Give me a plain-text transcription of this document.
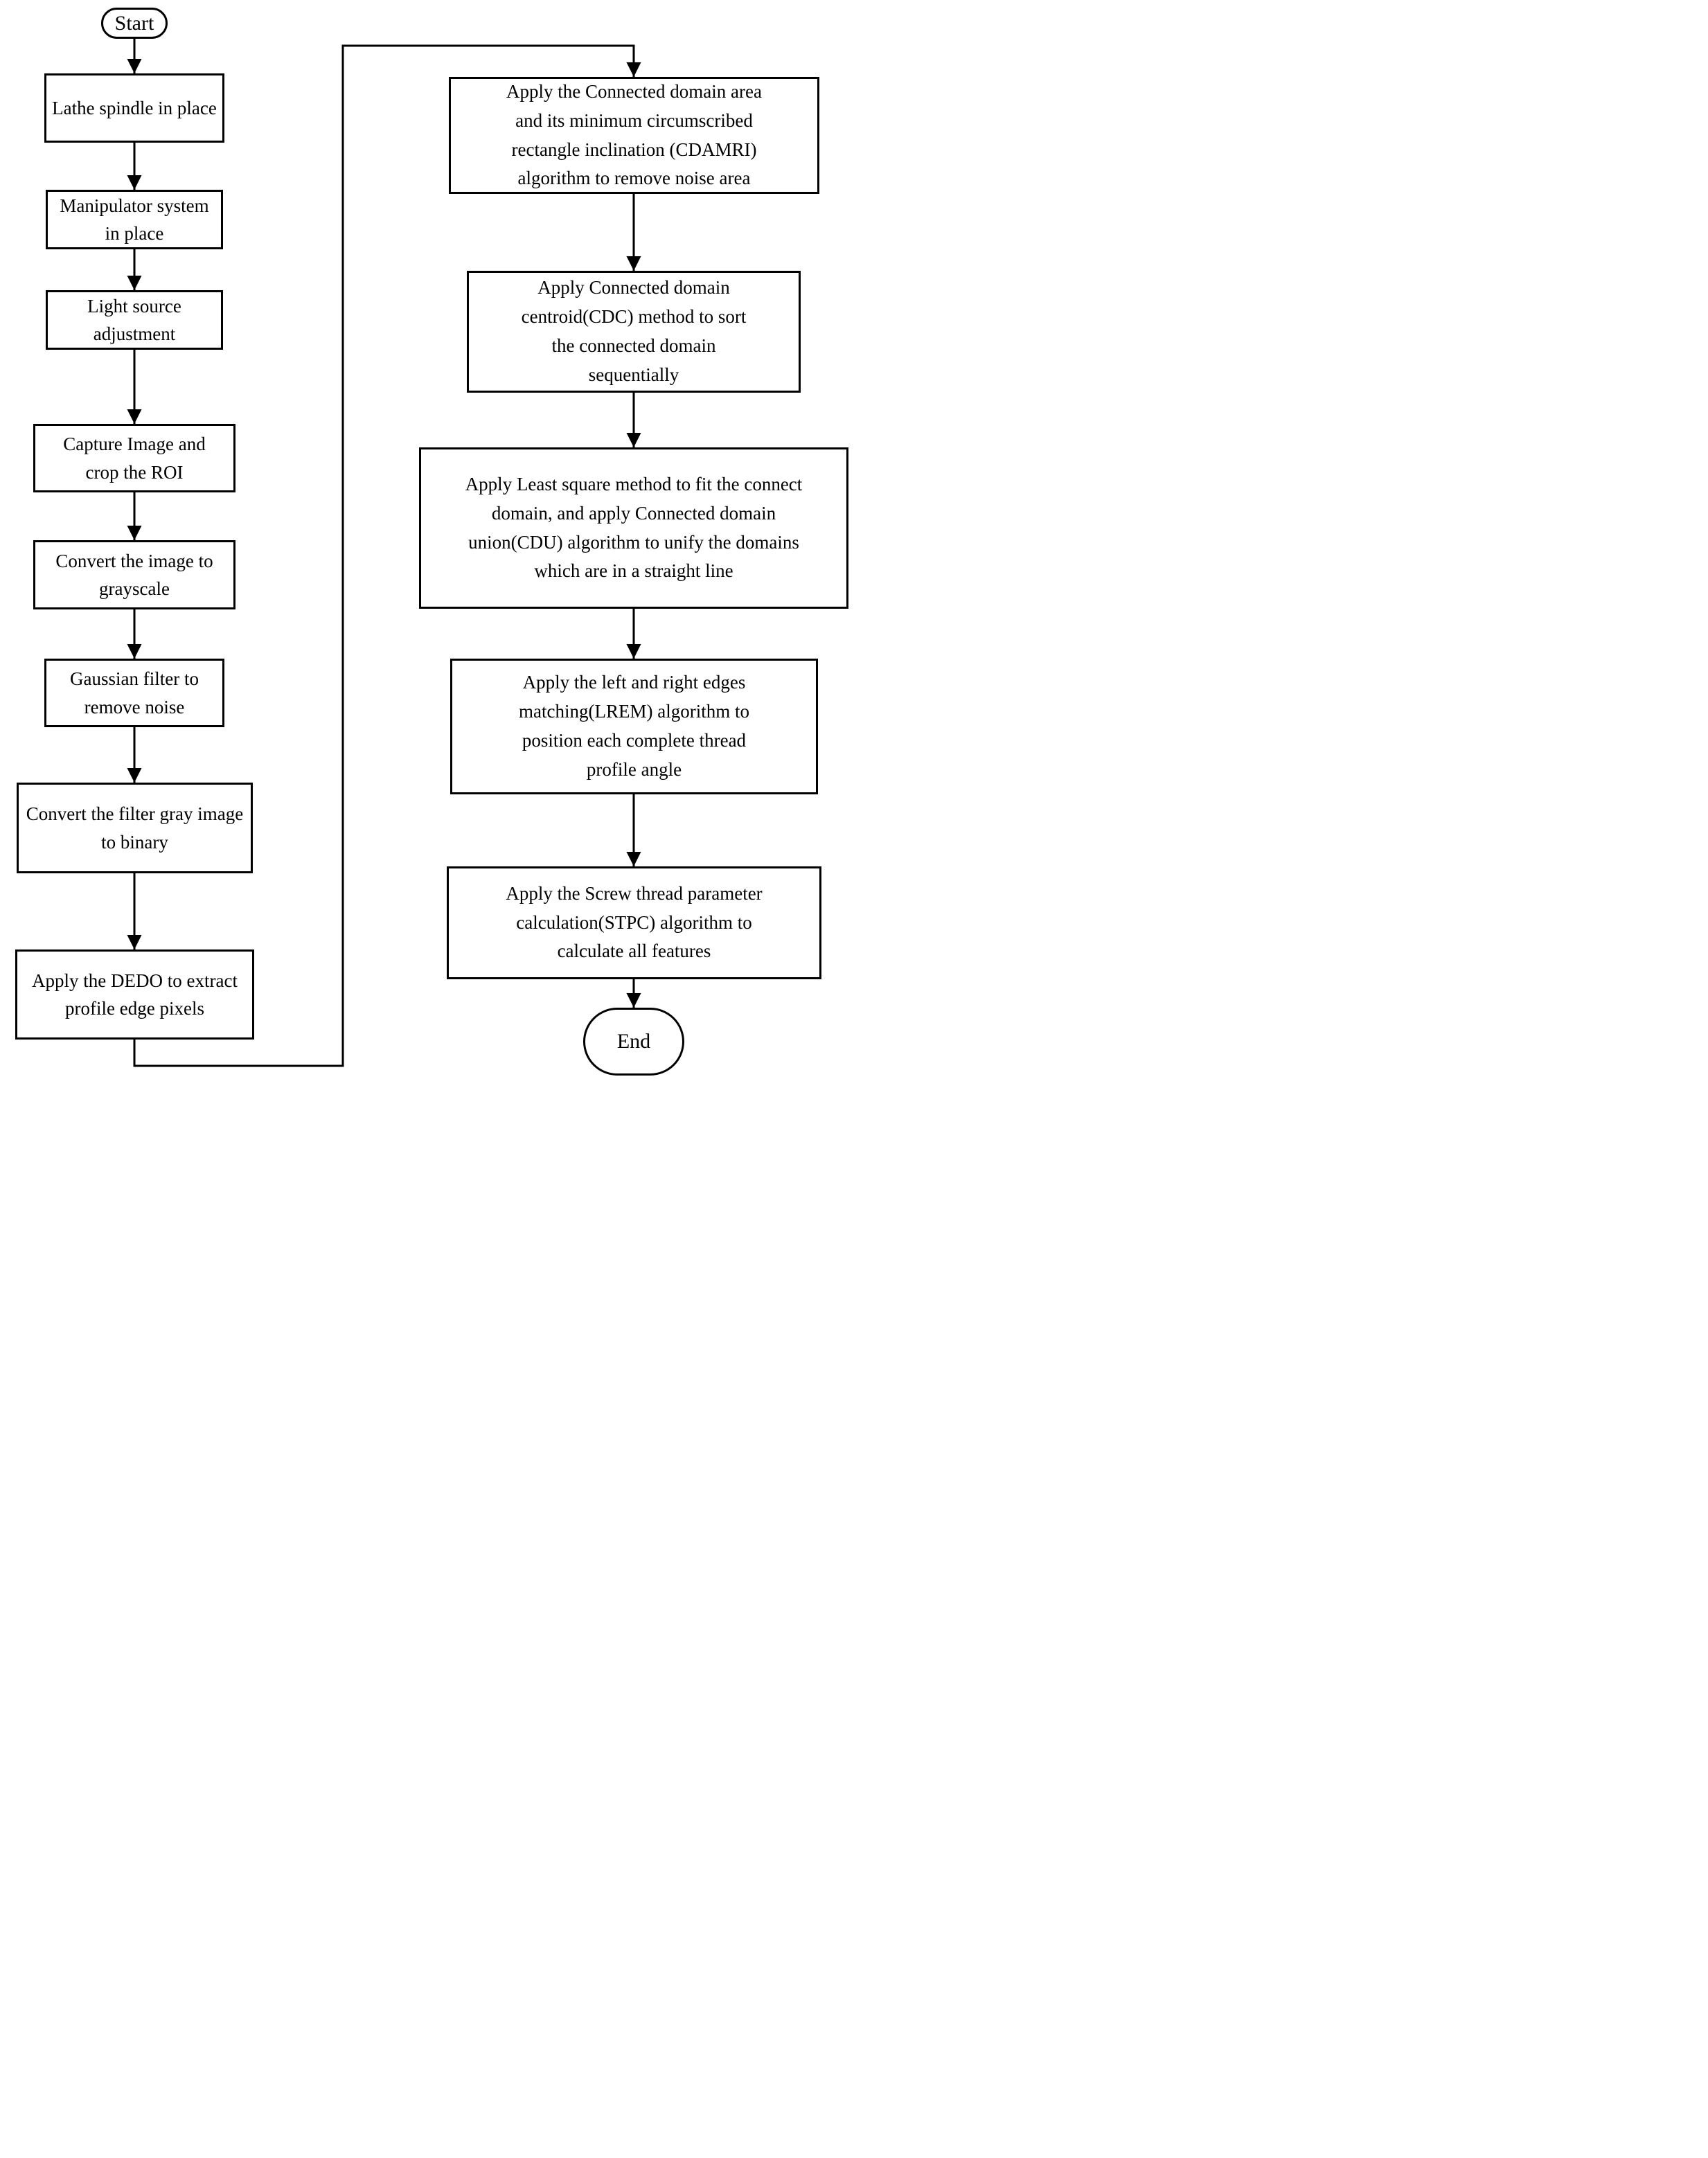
Start
End
Lathe spindle in place
Manipulator system in place
Light source adjustment
Capture Image and crop the ROI
Convert the image to grayscale
Gaussian filter to remove noise
Convert the filter gray image to binary
Apply the DEDO to extract profile edge pixels
Apply the Connected domain area and its minimum circumscribed rectangle inclination (CDAMRI) algorithm to remove noise area
Apply Connected domain centroid(CDC) method to sort the connected domain sequentially
Apply Least square method to fit the connect domain, and apply Connected domain union(CDU) algorithm to unify the domains which are in a straight line
Apply the left and right edges matching(LREM) algorithm to position each complete thread profile angle
Apply the Screw thread parameter calculation(STPC) algorithm to calculate all features
